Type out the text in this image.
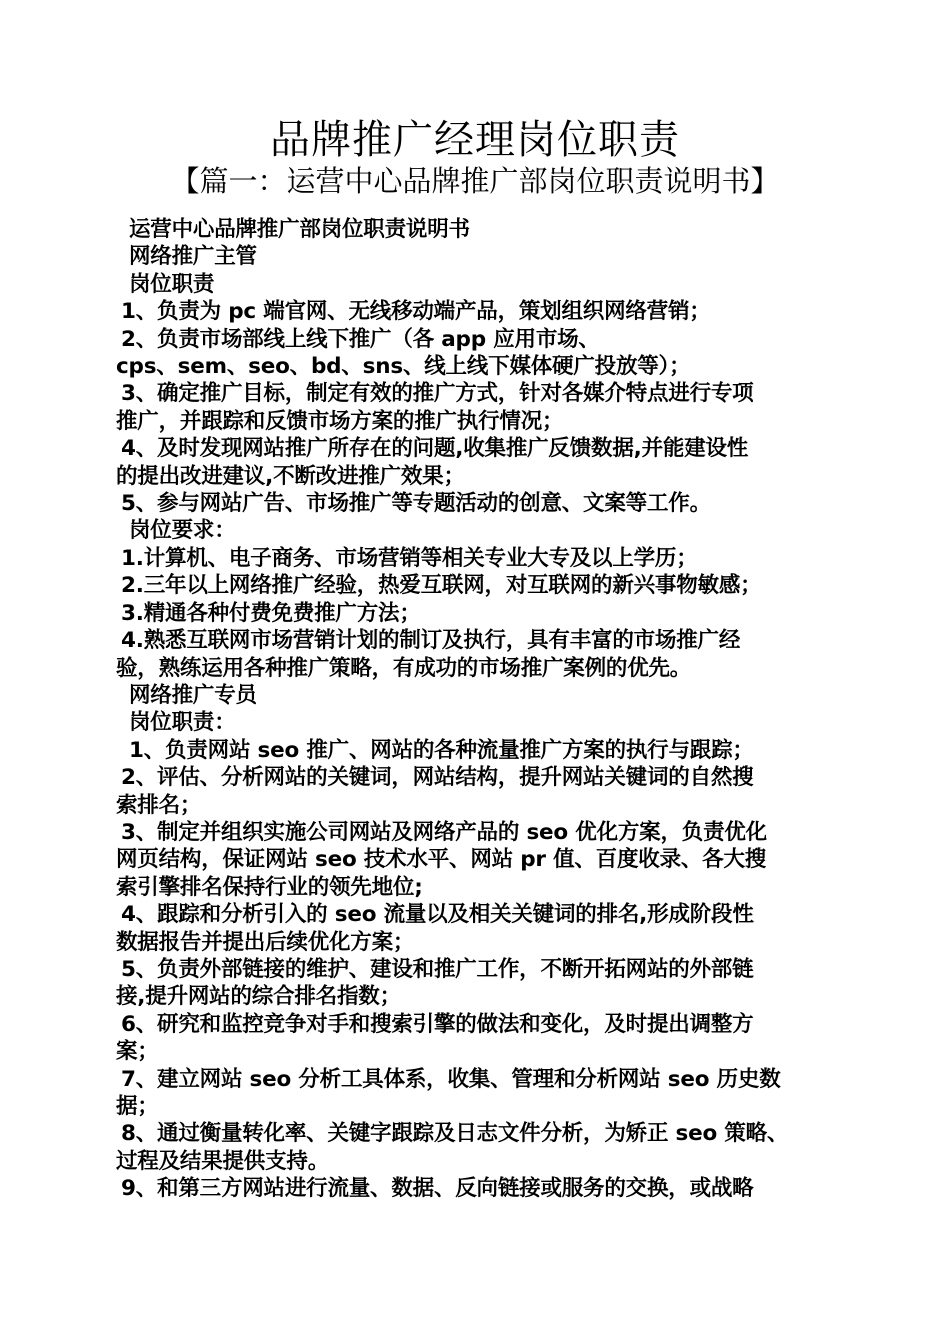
品牌推广经理岗位职责
【篇一：运营中心品牌推广部岗位职责说明书】
运营中心品牌推广部岗位职责说明书
网络推广主管
岗位职责
1、负责为 pc 端官网、无线移动端产品，策划组织网络营销；
2、负责市场部线上线下推广（各 app 应用市场、
cps、sem、seo、bd、sns、线上线下媒体硬广投放等）；
3、确定推广目标，制定有效的推广方式，针对各媒介特点进行专项
推广，并跟踪和反馈市场方案的推广执行情况；
4、及时发现网站推广所存在的问题,收集推广反馈数据,并能建设性
的提出改进建议,不断改进推广效果；
5、参与网站广告、市场推广等专题活动的创意、文案等工作。
岗位要求：
1.计算机、电子商务、市场营销等相关专业大专及以上学历；
2.三年以上网络推广经验，热爱互联网，对互联网的新兴事物敏感；
3.精通各种付费免费推广方法；
4.熟悉互联网市场营销计划的制订及执行，具有丰富的市场推广经
验，熟练运用各种推广策略，有成功的市场推广案例的优先。
网络推广专员
岗位职责：
1、负责网站 seo 推广、网站的各种流量推广方案的执行与跟踪；
2、评估、分析网站的关键词，网站结构，提升网站关键词的自然搜
索排名；
3、制定并组织实施公司网站及网络产品的 seo 优化方案，负责优化
网页结构，保证网站 seo 技术水平、网站 pr 值、百度收录、各大搜
索引擎排名保持行业的领先地位;
4、跟踪和分析引入的 seo 流量以及相关关键词的排名,形成阶段性
数据报告并提出后续优化方案；
5、负责外部链接的维护、建设和推广工作，不断开拓网站的外部链
接,提升网站的综合排名指数；
6、研究和监控竞争对手和搜索引擎的做法和变化，及时提出调整方
案；
7、建立网站 seo 分析工具体系，收集、管理和分析网站 seo 历史数
据；
8、通过衡量转化率、关键字跟踪及日志文件分析，为矫正 seo 策略、
过程及结果提供支持。
9、和第三方网站进行流量、数据、反向链接或服务的交换，或战略
